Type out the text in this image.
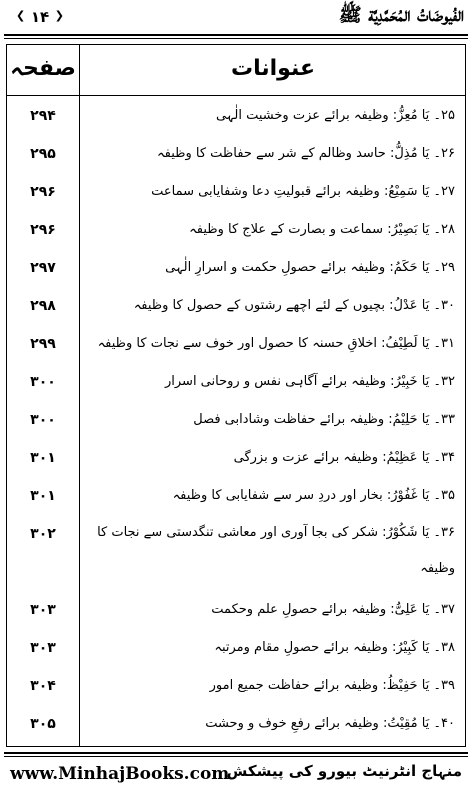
❮ ۱۴ ❯	الفُيوضَاتُ المُحَمَّدِيَّة ﷺ
صفحہ	عنوانات
۲۹۴	۲۵۔ یَا مُعِزُّ: وظیفہ برائے عزت وخشیت الٰہی
۲۹۵	۲۶۔ یَا مُذِلُّ: حاسد وظالم کے شر سے حفاظت کا وظیفہ
۲۹۶	۲۷۔ یَا سَمِیْعُ: وظیفہ برائے قبولیتِ دعا وشفایابی سماعت
۲۹۶	۲۸۔ یَا بَصِیْرُ: سماعت و بصارت کے علاج کا وظیفہ
۲۹۷	۲۹۔ یَا حَکَمُ: وظیفہ برائے حصولِ حکمت و اسرارِ الٰہی
۲۹۸	۳۰۔ یَا عَدْلُ: بچیوں کے لئے اچھے رشتوں کے حصول کا وظیفہ
۲۹۹	۳۱۔ یَا لَطِیْفُ: اخلاقِ حسنہ کا حصول اور خوف سے نجات کا وظیفہ
۳۰۰	۳۲۔ یَا خَبِیْرُ: وظیفہ برائے آگاہی نفس و روحانی اسرار
۳۰۰	۳۳۔ یَا حَلِیْمُ: وظیفہ برائے حفاظت وشادابی فصل
۳۰۱	۳۴۔ یَا عَظِیْمُ: وظیفہ برائے عزت و بزرگی
۳۰۱	۳۵۔ یَا غَفُوْرُ: بخار اور دردِ سر سے شفایابی کا وظیفہ
۳۰۲	۳۶۔ یَا شَکُوْرُ: شکر کی بجا آوری اور معاشی تنگدستی سے نجات کا وظیفہ
۳۰۳	۳۷۔ یَا عَلِیُّ: وظیفہ برائے حصولِ علم وحکمت
۳۰۳	۳۸۔ یَا کَبِیْرُ: وظیفہ برائے حصولِ مقام ومرتبہ
۳۰۴	۳۹۔ یَا حَفِیْظُ: وظیفہ برائے حفاظت جمیع امور
۳۰۵	۴۰۔ یَا مُقِیْتُ: وظیفہ برائے رفعِ خوف و وحشت
www.MinhajBooks.com
منہاج انٹرنیٹ بیورو کی پیشکش
